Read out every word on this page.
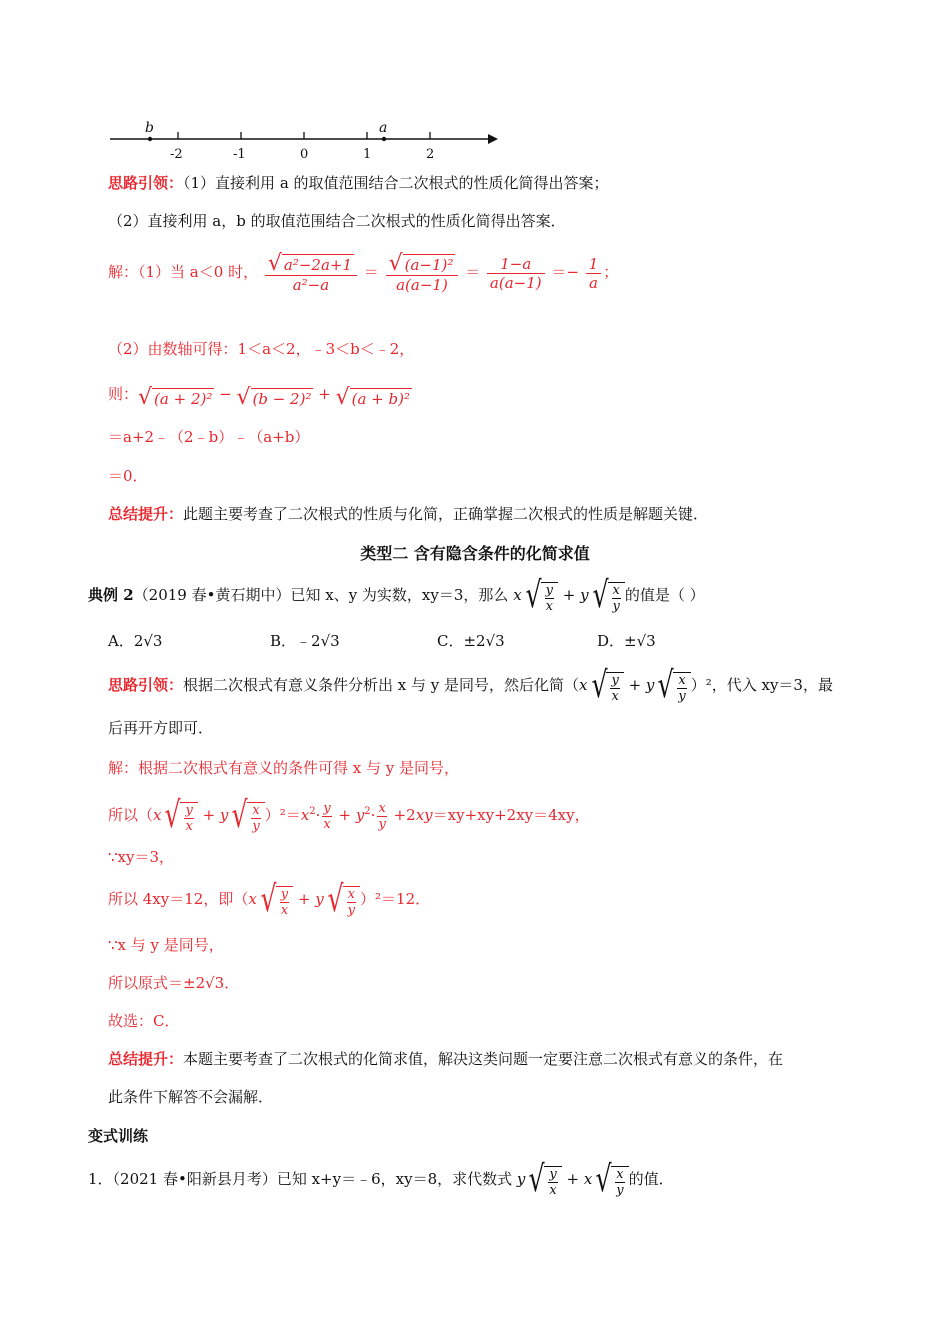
b	a
-2	-1	0	1	2
思路引领：（1）直接利用 a 的取值范围结合二次根式的性质化简得出答案；
（2）直接利用 a，b 的取值范围结合二次根式的性质化简得出答案．
解：（1）当 a＜0 时， $\frac{\text{√ a²−2a+1}}{\text{a²−a}} = \frac{\text{√ (a−1)²}}{a(a-1)} = \frac{1-a}{a(a-1)} =- \frac{1}{a}$ ；
（2）由数轴可得：1＜a＜2，﹣3＜b＜﹣2，
则：√ (a + 2)² − √ (b − 2)² + √ (a + b)²
＝a+2﹣（2﹣b）﹣（a+b）
＝0．
总结提升：此题主要考查了二次根式的性质与化简，正确掌握二次根式的性质是解题关键．
类型二 含有隐含条件的化简求值
典例 2（2019 春•黄石期中）已知 x、y 为实数，xy＝3，那么 $x√ \frac{y}{x} + y√ \frac{x}{y}$ 的值是（ ）
A．2√3	B．﹣2√3	C．±2√3	D．±√3
思路引领：根据二次根式有意义条件分析出 x 与 y 是同号，然后化简$(x√ \frac{y}{x} + y√ \frac{x}{y} )^2$，代入 xy＝3，最
后再开方即可．
解：根据二次根式有意义的条件可得 x 与 y 是同号，
所以$(x√ \frac{y}{x} + y√ \frac{x}{y} )^2=x^2\cdot \frac{y}{x} + y^2\cdot \frac{x}{y} +2xy=xy+xy+2xy=4xy$，
∵xy＝3，
所以 4xy＝12，即$(x√ \frac{y}{x} + y√ \frac{x}{y} )^2=12$．
∵x 与 y 是同号，
所以原式＝±2√3．
故选：C．
总结提升：本题主要考查了二次根式的化简求值，解决这类问题一定要注意二次根式有意义的条件，在
此条件下解答不会漏解．
变式训练
1．（2021 春•阳新县月考）已知 x+y＝﹣6，xy＝8，求代数式 $y√ \frac{y}{x} + x√ \frac{x}{y}$ 的值．
